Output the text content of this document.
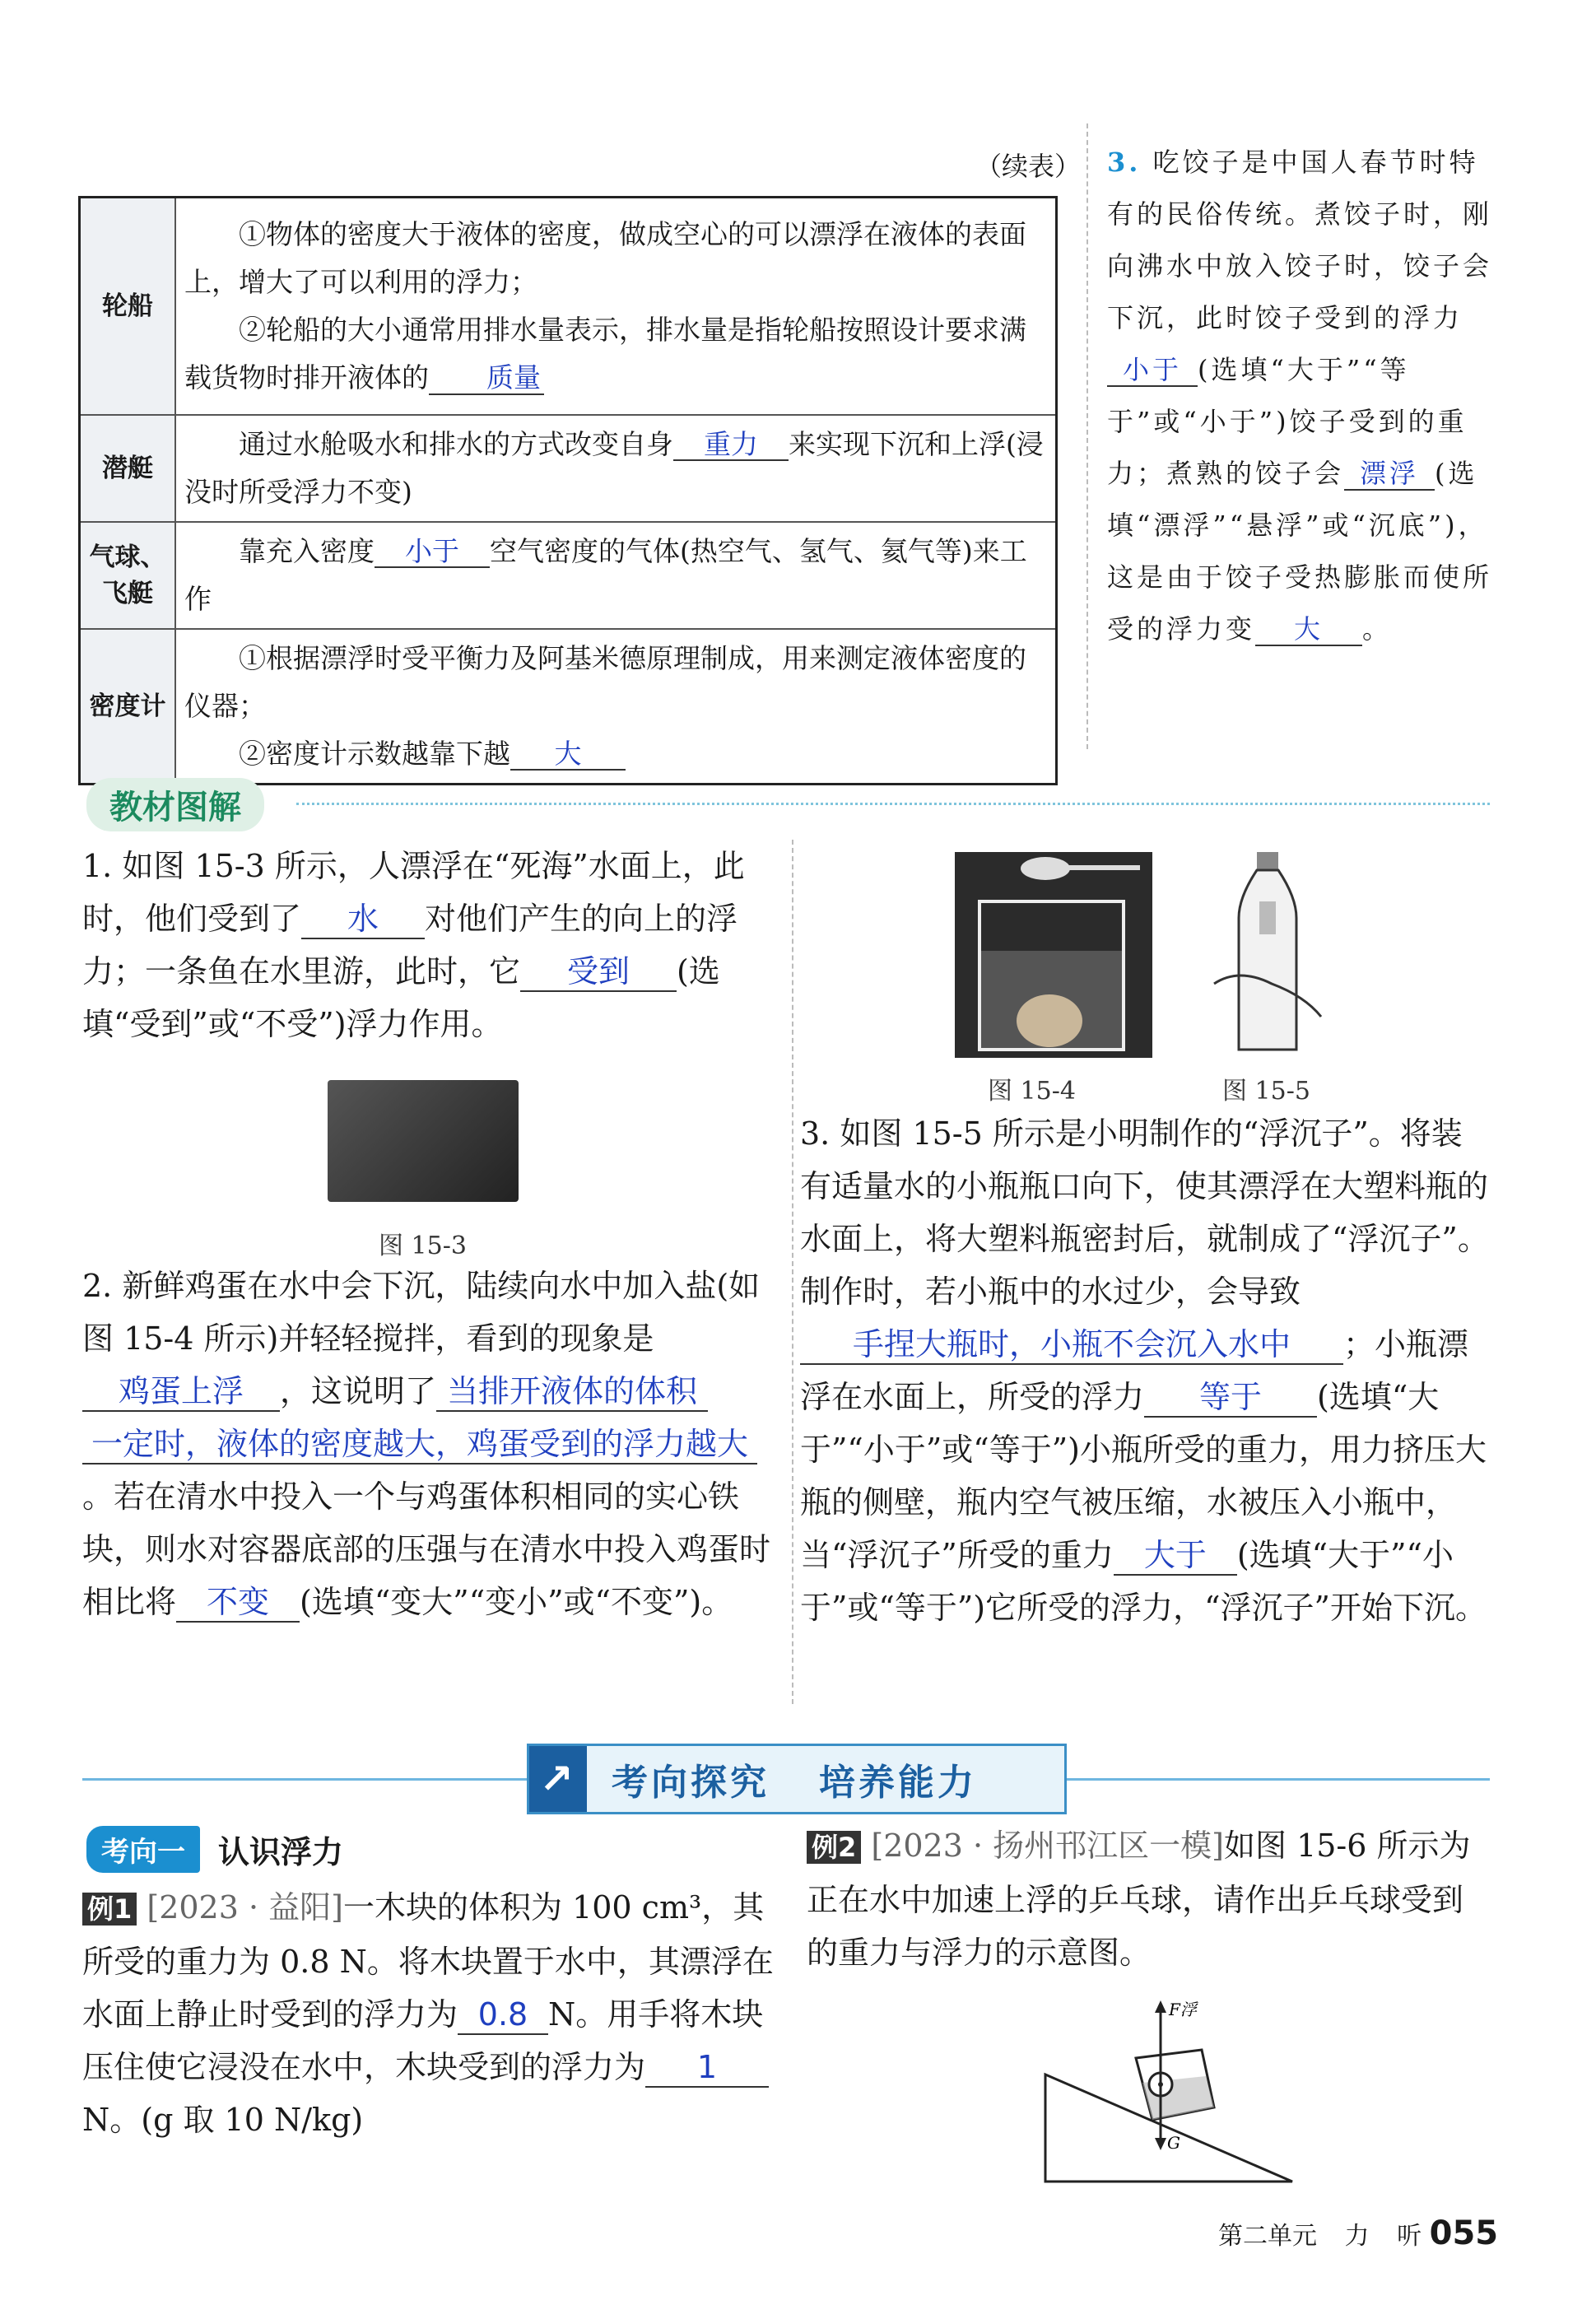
（续表）
轮船	①物体的密度大于液体的密度，做成空心的可以漂浮在液体的表面上，增大了可以利用的浮力；
②轮船的大小通常用排水量表示，排水量是指轮船按照设计要求满载货物时排开液体的 质量

潜艇	通过水舱吸水和排水的方式改变自身 重力 来实现下沉和上浮(浸没时所受浮力不变)
气球、飞艇	靠充入密度 小于 空气密度的气体(热空气、氢气、氦气等)来工作
密度计	①根据漂浮时受平衡力及阿基米德原理制成，用来测定液体密度的仪器；
②密度计示数越靠下越 大
3. 吃饺子是中国人春节时特有的民俗传统。煮饺子时，刚向沸水中放入饺子时，饺子会下沉，此时饺子受到的浮力小于 (选填“大于”“等于”或“小于”)饺子受到的重力；煮熟的饺子会 漂浮 (选填“漂浮”“悬浮”或“沉底”)，这是由于饺子受热膨胀而使所受的浮力变 大 。
教材图解
1. 如图 15-3 所示，人漂浮在“死海”水面上，此时，他们受到了 水 对他们产生的向上的浮力；一条鱼在水里游，此时，它 受到 (选填“受到”或“不受”)浮力作用。
图 15-3
2. 新鲜鸡蛋在水中会下沉，陆续向水中加入盐(如图 15-4 所示)并轻轻搅拌，看到的现象是鸡蛋上浮 ，这说明了 当排开液体的体积一定时，液体的密度越大，鸡蛋受到的浮力越大。若在清水中投入一个与鸡蛋体积相同的实心铁块，则水对容器底部的压强与在清水中投入鸡蛋时相比将 不变 (选填“变大”“变小”或“不变”)。
图 15-4	图 15-5
3. 如图 15-5 所示是小明制作的“浮沉子”。将装有适量水的小瓶瓶口向下，使其漂浮在大塑料瓶的水面上，将大塑料瓶密封后，就制成了“浮沉子”。制作时，若小瓶中的水过少，会导致手捏大瓶时，小瓶不会沉入水中 ；小瓶漂浮在水面上，所受的浮力 等于 (选填“大于”“小于”或“等于”)小瓶所受的重力，用力挤压大瓶的侧壁，瓶内空气被压缩，水被压入小瓶中，当“浮沉子”所受的重力 大于 (选填“大于”“小于”或“等于”)它所受的浮力，“浮沉子”开始下沉。
↗ 考向探究 培养能力
考向一	认识浮力
例1 [2023 · 益阳]一木块的体积为 100 cm³，其所受的重力为 0.8 N。将木块置于水中，其漂浮在水面上静止时受到的浮力为 0.8 N。用手将木块压住使它浸没在水中，木块受到的浮力为 1N。(g 取 10 N/kg)
例2 [2023 · 扬州邗江区一模]如图 15-6 所示为正在水中加速上浮的乒乓球，请作出乒乓球受到的重力与浮力的示意图。
F浮
G
第二单元 力 听 055
